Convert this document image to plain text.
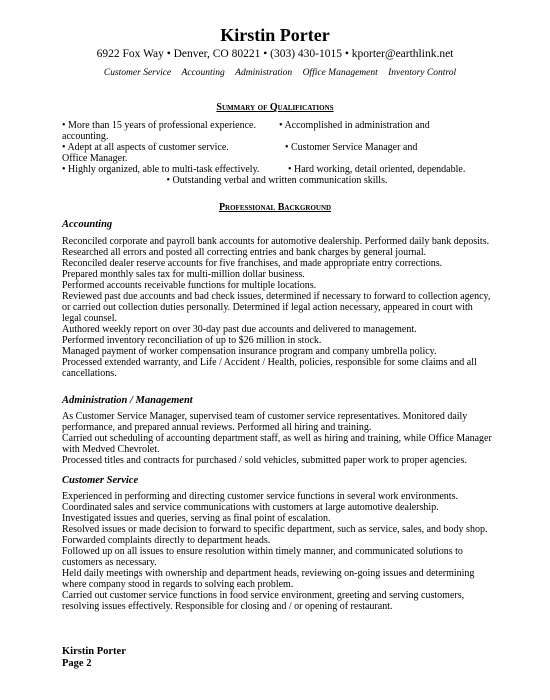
Kirstin Porter
6922 Fox Way • Denver, CO 80221 • (303) 430-1015 • kporter@earthlink.net
Customer Service Accounting Administration Office Management Inventory Control
Summary of Qualifications
• More than 15 years of professional experience.	• Accomplished in administration and
accounting.
• Adept at all aspects of customer service.	• Customer Service Manager and
Office Manager.
• Highly organized, able to multi-task effectively.	• Hard working, detail oriented, dependable.
• Outstanding verbal and written communication skills.
Professional Background
Accounting

Reconciled corporate and payroll bank accounts for automotive dealership. Performed daily bank deposits.

Researched all errors and posted all correcting entries and bank charges by general journal.

Reconciled dealer reserve accounts for five franchises, and made appropriate entry corrections.

Prepared monthly sales tax for multi-million dollar business.

Performed accounts receivable functions for multiple locations.

Reviewed past due accounts and bad check issues, determined if necessary to forward to collection agency, or carried out collection duties personally. Determined if legal action necessary, appeared in court with legal counsel.

Authored weekly report on over 30-day past due accounts and delivered to management.

Performed inventory reconciliation of up to $26 million in stock.

Managed payment of worker compensation insurance program and company umbrella policy.

Processed extended warranty, and Life / Accident / Health, policies, responsible for some claims and all cancellations.

Administration / Management

As Customer Service Manager, supervised team of customer service representatives. Monitored daily performance, and prepared annual reviews. Performed all hiring and training.

Carried out scheduling of accounting department staff, as well as hiring and training, while Office Manager with Medved Chevrolet.

Processed titles and contracts for purchased / sold vehicles, submitted paper work to proper agencies.

Customer Service

Experienced in performing and directing customer service functions in several work environments.

Coordinated sales and service communications with customers at large automotive dealership.

Investigated issues and queries, serving as final point of escalation.

Resolved issues or made decision to forward to specific department, such as service, sales, and body shop. Forwarded complaints directly to department heads.

Followed up on all issues to ensure resolution within timely manner, and communicated solutions to customers as necessary.

Held daily meetings with ownership and department heads, reviewing on-going issues and determining where company stood in regards to solving each problem.

Carried out customer service functions in food service environment, greeting and serving customers, resolving issues effectively. Responsible for closing and / or opening of restaurant.

Kirstin Porter
Page 2
